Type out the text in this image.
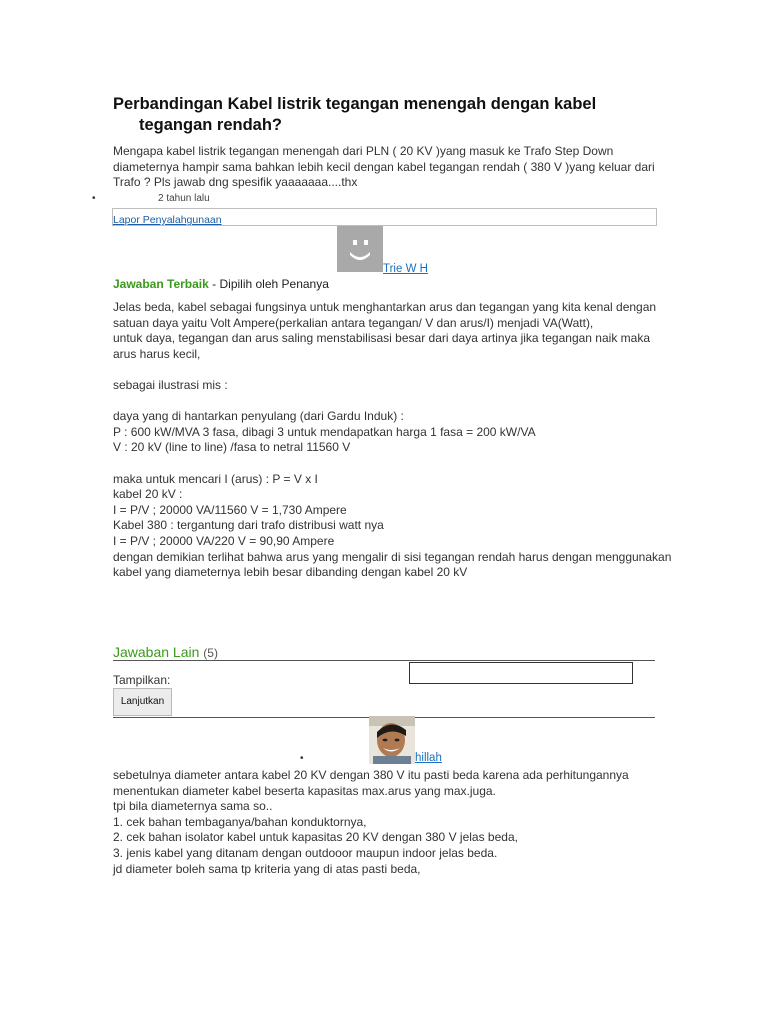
Perbandingan Kabel listrik tegangan menengah dengan kabel
tegangan rendah?
Mengapa kabel listrik tegangan menengah dari PLN ( 20 KV )yang masuk ke Trafo Step Down diameternya hampir sama bahkan lebih kecil dengan kabel tegangan rendah ( 380 V )yang keluar dari Trafo ? Pls jawab dng spesifik yaaaaaaa....thx
•	2 tahun lalu
Lapor Penyalahgunaan
Trie W H
Jawaban Terbaik - Dipilih oleh Penanya
Jelas beda, kabel sebagai fungsinya untuk menghantarkan arus dan tegangan yang kita kenal dengan satuan daya yaitu Volt Ampere(perkalian antara tegangan/ V dan arus/I) menjadi VA(Watt),
untuk daya, tegangan dan arus saling menstabilisasi besar dari daya artinya jika tegangan naik maka arus harus kecil,

sebagai ilustrasi mis :

daya yang di hantarkan penyulang (dari Gardu Induk) :
P : 600 kW/MVA 3 fasa, dibagi 3 untuk mendapatkan harga 1 fasa = 200 kW/VA
V : 20 kV (line to line) /fasa to netral 11560 V

maka untuk mencari I (arus) : P = V x I
kabel 20 kV :
I = P/V ; 20000 VA/11560 V = 1,730 Ampere
Kabel 380 : tergantung dari trafo distribusi watt nya
I = P/V ; 20000 VA/220 V = 90,90 Ampere
dengan demikian terlihat bahwa arus yang mengalir di sisi tegangan rendah harus dengan menggunakan kabel yang diameternya lebih besar dibanding dengan kabel 20 kV
Jawaban Lain (5)
Tampilkan:
Lanjutkan
•	hillah
sebetulnya diameter antara kabel 20 KV dengan 380 V itu pasti beda karena ada perhitungannya menentukan diameter kabel beserta kapasitas max.arus yang max.juga.
tpi bila diameternya sama so..
1. cek bahan tembaganya/bahan konduktornya,
2. cek bahan isolator kabel untuk kapasitas 20 KV dengan 380 V jelas beda,
3. jenis kabel yang ditanam dengan outdooor maupun indoor jelas beda.
jd diameter boleh sama tp kriteria yang di atas pasti beda,
